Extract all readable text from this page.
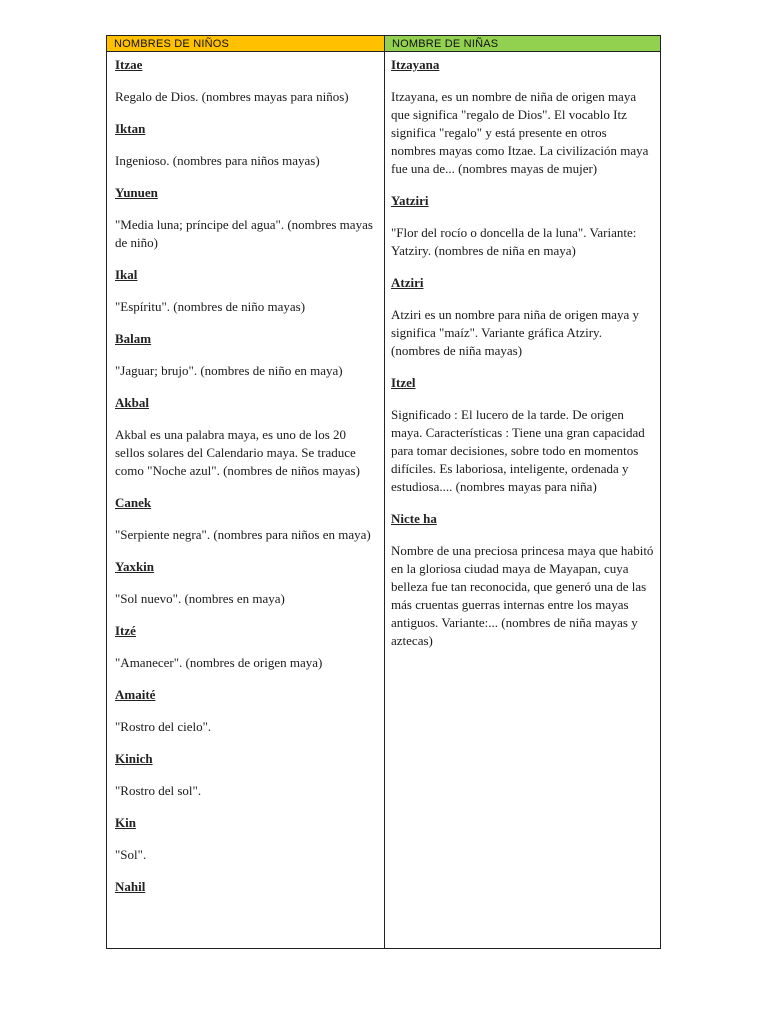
NOMBRES DE NIÑOS
Itzae
Regalo de Dios. (nombres mayas para niños)
Iktan
Ingenioso. (nombres para niños mayas)
Yunuen
"Media luna; príncipe del agua". (nombres mayas de niño)
Ikal
"Espíritu". (nombres de niño mayas)
Balam
"Jaguar; brujo". (nombres de niño en maya)
Akbal
Akbal es una palabra maya, es uno de los 20 sellos solares del Calendario maya. Se traduce como "Noche azul". (nombres de niños mayas)
Canek
"Serpiente negra". (nombres para niños en maya)
Yaxkin
"Sol nuevo". (nombres en maya)
Itzé
"Amanecer". (nombres de origen maya)
Amaité
"Rostro del cielo".
Kinich
"Rostro del sol".
Kin
"Sol".
Nahil
NOMBRE DE NIÑAS
Itzayana
Itzayana, es un nombre de niña de origen maya que significa "regalo de Dios". El vocablo Itz significa "regalo" y está presente en otros nombres mayas como Itzae. La civilización maya fue una de... (nombres mayas de mujer)
Yatziri
"Flor del rocío o doncella de la luna". Variante: Yatziry. (nombres de niña en maya)
Atziri
Atziri es un nombre para niña de origen maya y significa "maíz". Variante gráfica Atziry. (nombres de niña mayas)
Itzel
Significado : El lucero de la tarde. De origen maya. Características : Tiene una gran capacidad para tomar decisiones, sobre todo en momentos difíciles. Es laboriosa, inteligente, ordenada y estudiosa.... (nombres mayas para niña)
Nicte ha
Nombre de una preciosa princesa maya que habitó en la gloriosa ciudad maya de Mayapan, cuya belleza fue tan reconocida, que generó una de las más cruentas guerras internas entre los mayas antiguos. Variante:... (nombres de niña mayas y aztecas)
